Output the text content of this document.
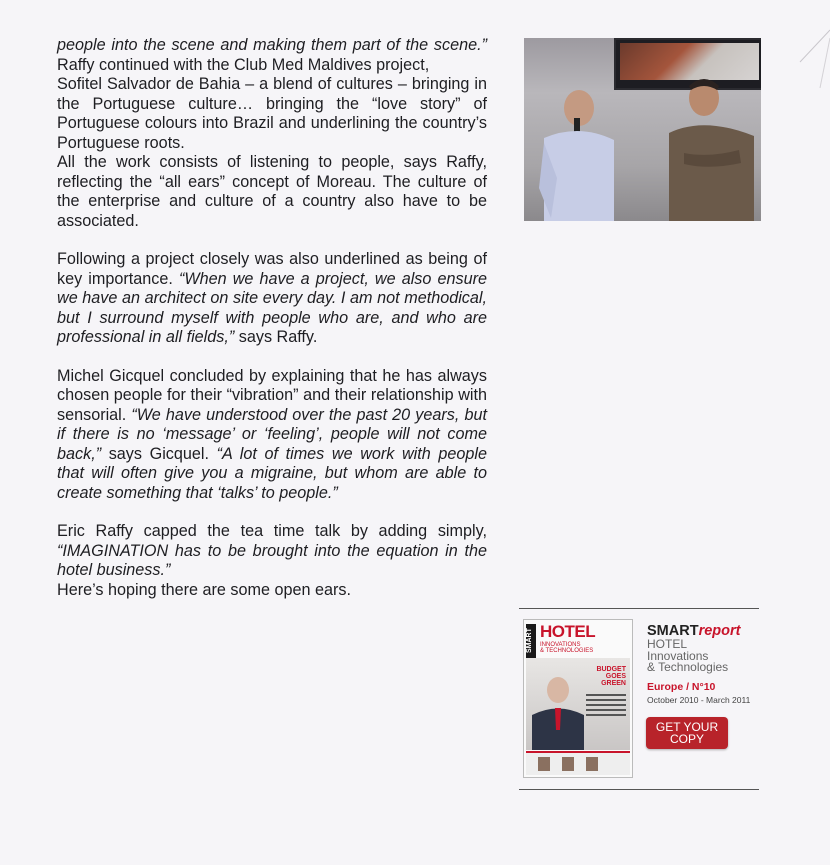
people into the scene and making them part of the scene.” Raffy continued with the Club Med Maldives project,

Sofitel Salvador de Bahia – a blend of cultures – bringing in the Portuguese culture… bringing the “love story” of Portuguese colours into Brazil and underlining the country’s Portuguese roots.

All the work consists of listening to people, says Raffy, reflecting the “all ears” concept of Moreau. The culture of the enterprise and culture of a country also have to be associated.

Following a project closely was also underlined as being of key importance. “When we have a project, we also ensure we have an architect on site every day. I am not methodical, but I surround myself with people who are, and who are professional in all fields,” says Raffy.

Michel Gicquel concluded by explaining that he has always chosen people for their “vibration” and their relationship with sensorial. “We have understood over the past 20 years, but if there is no ‘message’ or ‘feeling’, people will not come back,” says Gicquel. “A lot of times we work with people that will often give you a migraine, but whom are able to create something that ‘talks’ to people.”

Eric Raffy capped the tea time talk by adding simply, “IMAGINATION has to be brought into the equation in the hotel business.”

Here’s hoping there are some open ears.

SMART HOTEL
INNOVATIONS
& TECHNOLOGIES
BUDGET GOES GREEN
SMARTreport
HOTEL
Innovations
& Technologies
Europe / N°10
October 2010 - March 2011
GET YOUR
COPY
